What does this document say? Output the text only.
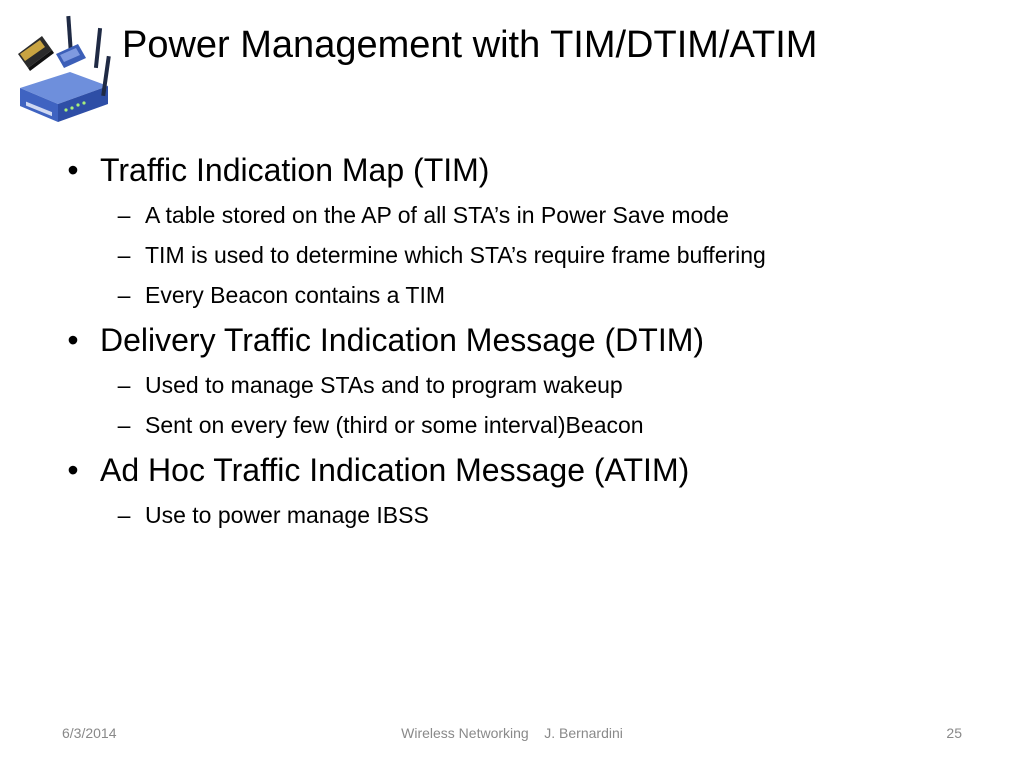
Power Management with TIM/DTIM/ATIM
• Traffic Indication Map (TIM)
– A table stored on the AP of all STA’s in Power Save mode
– TIM is used to determine which STA’s require frame buffering
– Every Beacon contains a TIM
• Delivery Traffic Indication Message (DTIM)
– Used to manage STAs and to program wakeup
– Sent on every few (third or some interval)Beacon
• Ad Hoc Traffic Indication Message (ATIM)
– Use to power manage IBSS
6/3/2014	Wireless Networking J. Bernardini	25
